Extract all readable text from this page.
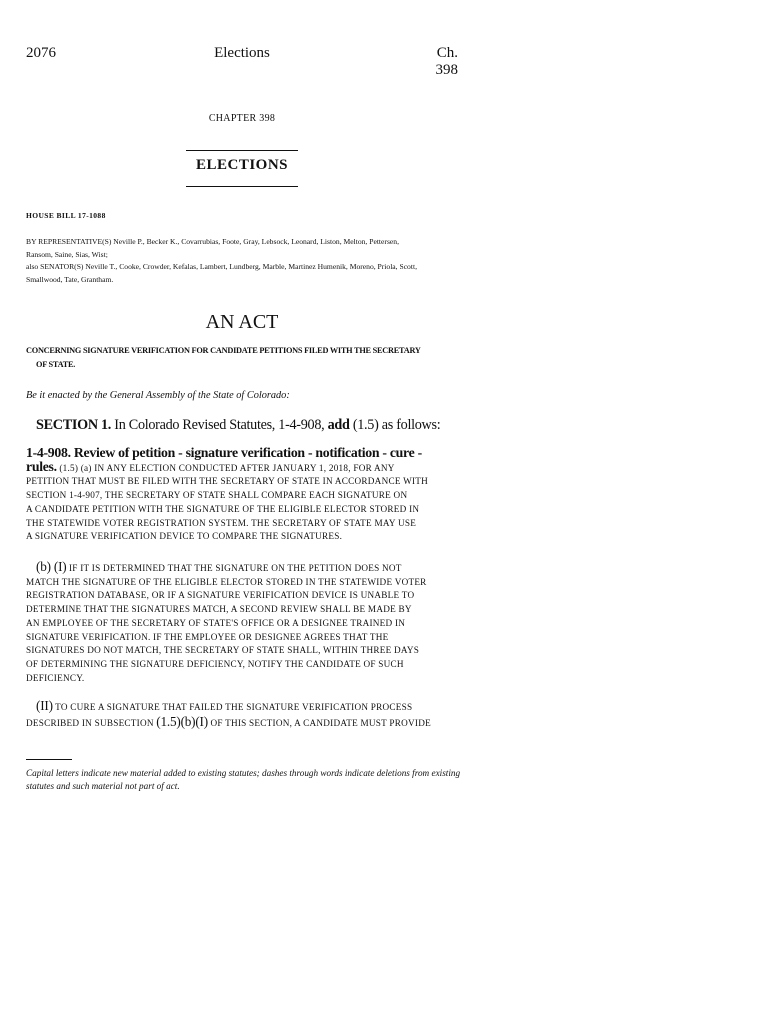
2076	Elections	Ch. 398
CHAPTER 398
ELECTIONS
HOUSE BILL 17-1088
BY REPRESENTATIVE(S) Neville P., Becker K., Covarrubias, Foote, Gray, Lebsock, Leonard, Liston, Melton, Pettersen,
Ransom, Saine, Sias, Wist;
also SENATOR(S) Neville T., Cooke, Crowder, Kefalas, Lambert, Lundberg, Marble, Martinez Humenik, Moreno, Priola, Scott,
Smallwood, Tate, Grantham.
AN ACT
CONCERNING SIGNATURE VERIFICATION FOR CANDIDATE PETITIONS FILED WITH THE SECRETARY
OF STATE.
Be it enacted by the General Assembly of the State of Colorado:
SECTION 1. In Colorado Revised Statutes, 1-4-908, add (1.5) as follows:
1-4-908. Review of petition - signature verification - notification - cure -
rules. (1.5) (a) IN ANY ELECTION CONDUCTED AFTER JANUARY 1, 2018, FOR ANY
PETITION THAT MUST BE FILED WITH THE SECRETARY OF STATE IN ACCORDANCE WITH
SECTION 1-4-907, THE SECRETARY OF STATE SHALL COMPARE EACH SIGNATURE ON
A CANDIDATE PETITION WITH THE SIGNATURE OF THE ELIGIBLE ELECTOR STORED IN
THE STATEWIDE VOTER REGISTRATION SYSTEM. THE SECRETARY OF STATE MAY USE
A SIGNATURE VERIFICATION DEVICE TO COMPARE THE SIGNATURES.
(b) (I) IF IT IS DETERMINED THAT THE SIGNATURE ON THE PETITION DOES NOT
MATCH THE SIGNATURE OF THE ELIGIBLE ELECTOR STORED IN THE STATEWIDE VOTER
REGISTRATION DATABASE, OR IF A SIGNATURE VERIFICATION DEVICE IS UNABLE TO
DETERMINE THAT THE SIGNATURES MATCH, A SECOND REVIEW SHALL BE MADE BY
AN EMPLOYEE OF THE SECRETARY OF STATE'S OFFICE OR A DESIGNEE TRAINED IN
SIGNATURE VERIFICATION. IF THE EMPLOYEE OR DESIGNEE AGREES THAT THE
SIGNATURES DO NOT MATCH, THE SECRETARY OF STATE SHALL, WITHIN THREE DAYS
OF DETERMINING THE SIGNATURE DEFICIENCY, NOTIFY THE CANDIDATE OF SUCH
DEFICIENCY.
(II) TO CURE A SIGNATURE THAT FAILED THE SIGNATURE VERIFICATION PROCESS
DESCRIBED IN SUBSECTION (1.5)(b)(I) OF THIS SECTION, A CANDIDATE MUST PROVIDE
Capital letters indicate new material added to existing statutes; dashes through words indicate deletions from existing statutes and such material not part of act.
